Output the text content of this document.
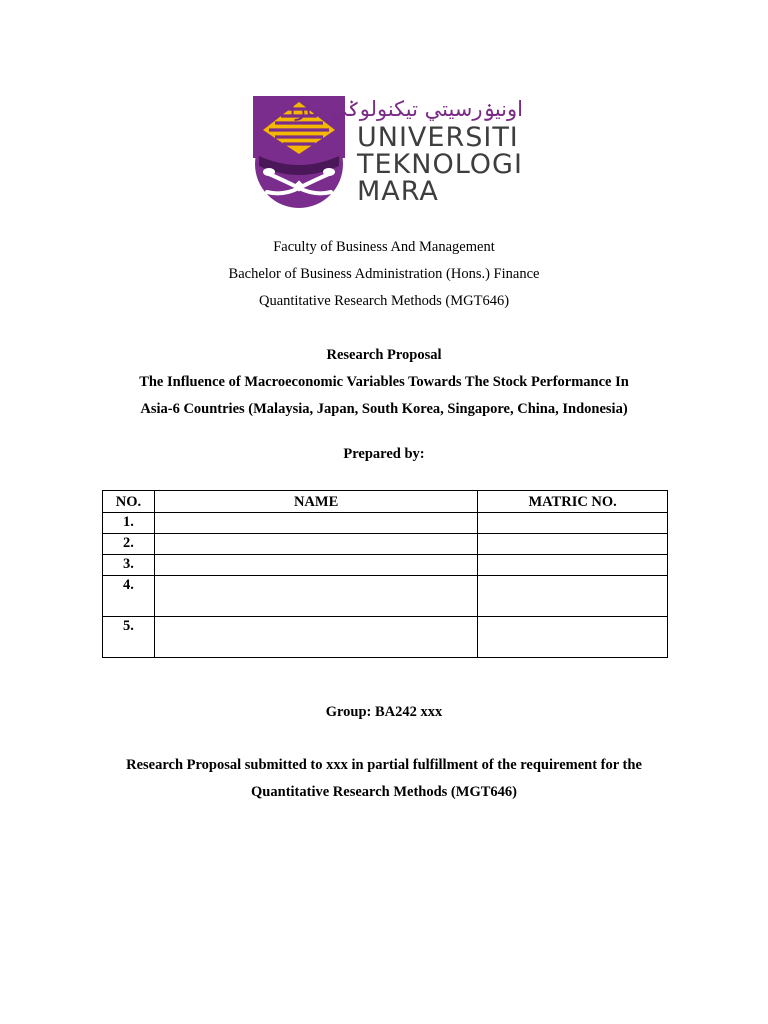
اونيۏرسيتي تيكنولوݢي مارا

UNIVERSITI

TEKNOLOGI

MARA

Faculty of Business And Management

Bachelor of Business Administration (Hons.) Finance

Quantitative Research Methods (MGT646)

Research Proposal

The Influence of Macroeconomic Variables Towards The Stock Performance In

Asia-6 Countries (Malaysia, Japan, South Korea, Singapore, China, Indonesia)

Prepared by:

NO.	NAME	MATRIC NO.
1.		
2.		
3.		
4.		
5.		

Group: BA242 xxx

Research Proposal submitted to xxx in partial fulfillment of the requirement for the

Quantitative Research Methods (MGT646)
